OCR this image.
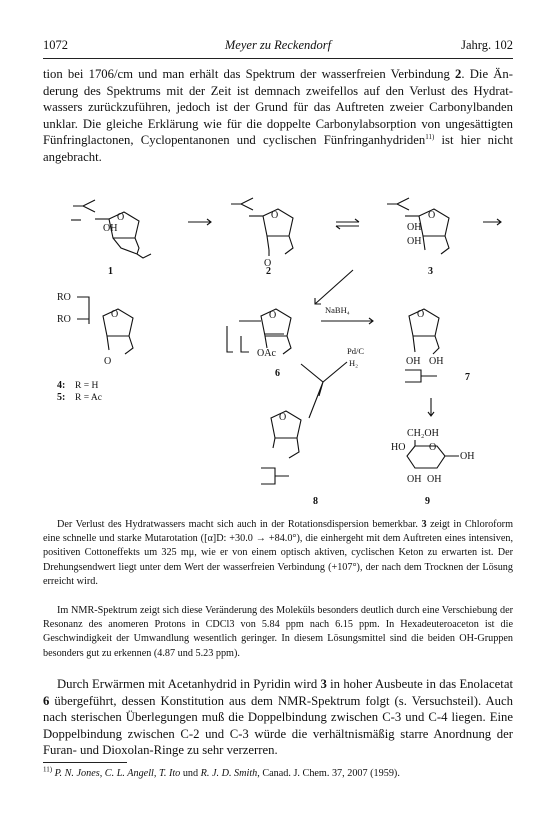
1072	Meyer zu Reckendorf	Jahrg. 102

tion bei 1706/cm und man erhält das Spektrum der wasserfreien Verbindung 2. Die Än- derung des Spektrums mit der Zeit ist demnach zweifellos auf den Verlust des Hydratwassers zurückzuführen, jedoch ist der Grund für das Auftreten zweier Carbonylbanden unklar. Die gleiche Erklärung wie für die doppelte Carbonylabsorption von ungesättigten Fünfringlactonen, Cyclopentanonen und cyclischen Fünfringanhydriden$^{11)}$ ist hier nicht angebracht.

O
OH
1
O
O
2
O
OH
OH
3
RO
RO	O
O
4: R = H
5: R = Ac
O
OAc
6
NaBH₄	O
OH OH
7
Pd/C
H₂
O
8
CH₂OH
HO O
OH
OH OH
9

Der Verlust des Hydratwassers macht sich auch in der Rotationsdispersion bemerkbar. 3 zeigt in Chloroform eine schnelle und starke Mutarotation ([α]D: +30.0 → +84.0°), die einhergeht mit dem Auftreten eines intensiven, positiven Cottoneffekts um 325 mμ, wie er von einem optisch aktiven, cyclischen Keton zu erwarten ist. Der Drehungsendwert liegt unter dem Wert der wasserfreien Verbindung (+107°), der nach dem Trocknen der Lösung erreicht wird.

Im NMR-Spektrum zeigt sich diese Veränderung des Moleküls besonders deutlich durch eine Verschiebung der Resonanz des anomeren Protons in CDCl3 von 5.84 ppm nach 6.15 ppm. In Hexadeuteroaceton ist die Geschwindigkeit der Umwandlung wesentlich geringer. In diesem Lösungsmittel sind die beiden OH-Gruppen besonders gut zu erkennen (4.87 und 5.23 ppm).

Durch Erwärmen mit Acetanhydrid in Pyridin wird 3 in hoher Ausbeute in das Enolacetat 6 übergeführt, dessen Konstitution aus dem NMR-Spektrum folgt (s. Versuchsteil). Auch nach sterischen Überlegungen muß die Doppelbindung zwischen C-3 und C-4 liegen. Eine Doppelbindung zwischen C-2 und C-3 würde die verhältnismäßig starre Anordnung der Furan- und Dioxolan-Ringe zu sehr verzerren.

$^{11)}$ P. N. Jones, C. L. Angell, T. Ito und R. J. D. Smith, Canad. J. Chem. 37, 2007 (1959).
